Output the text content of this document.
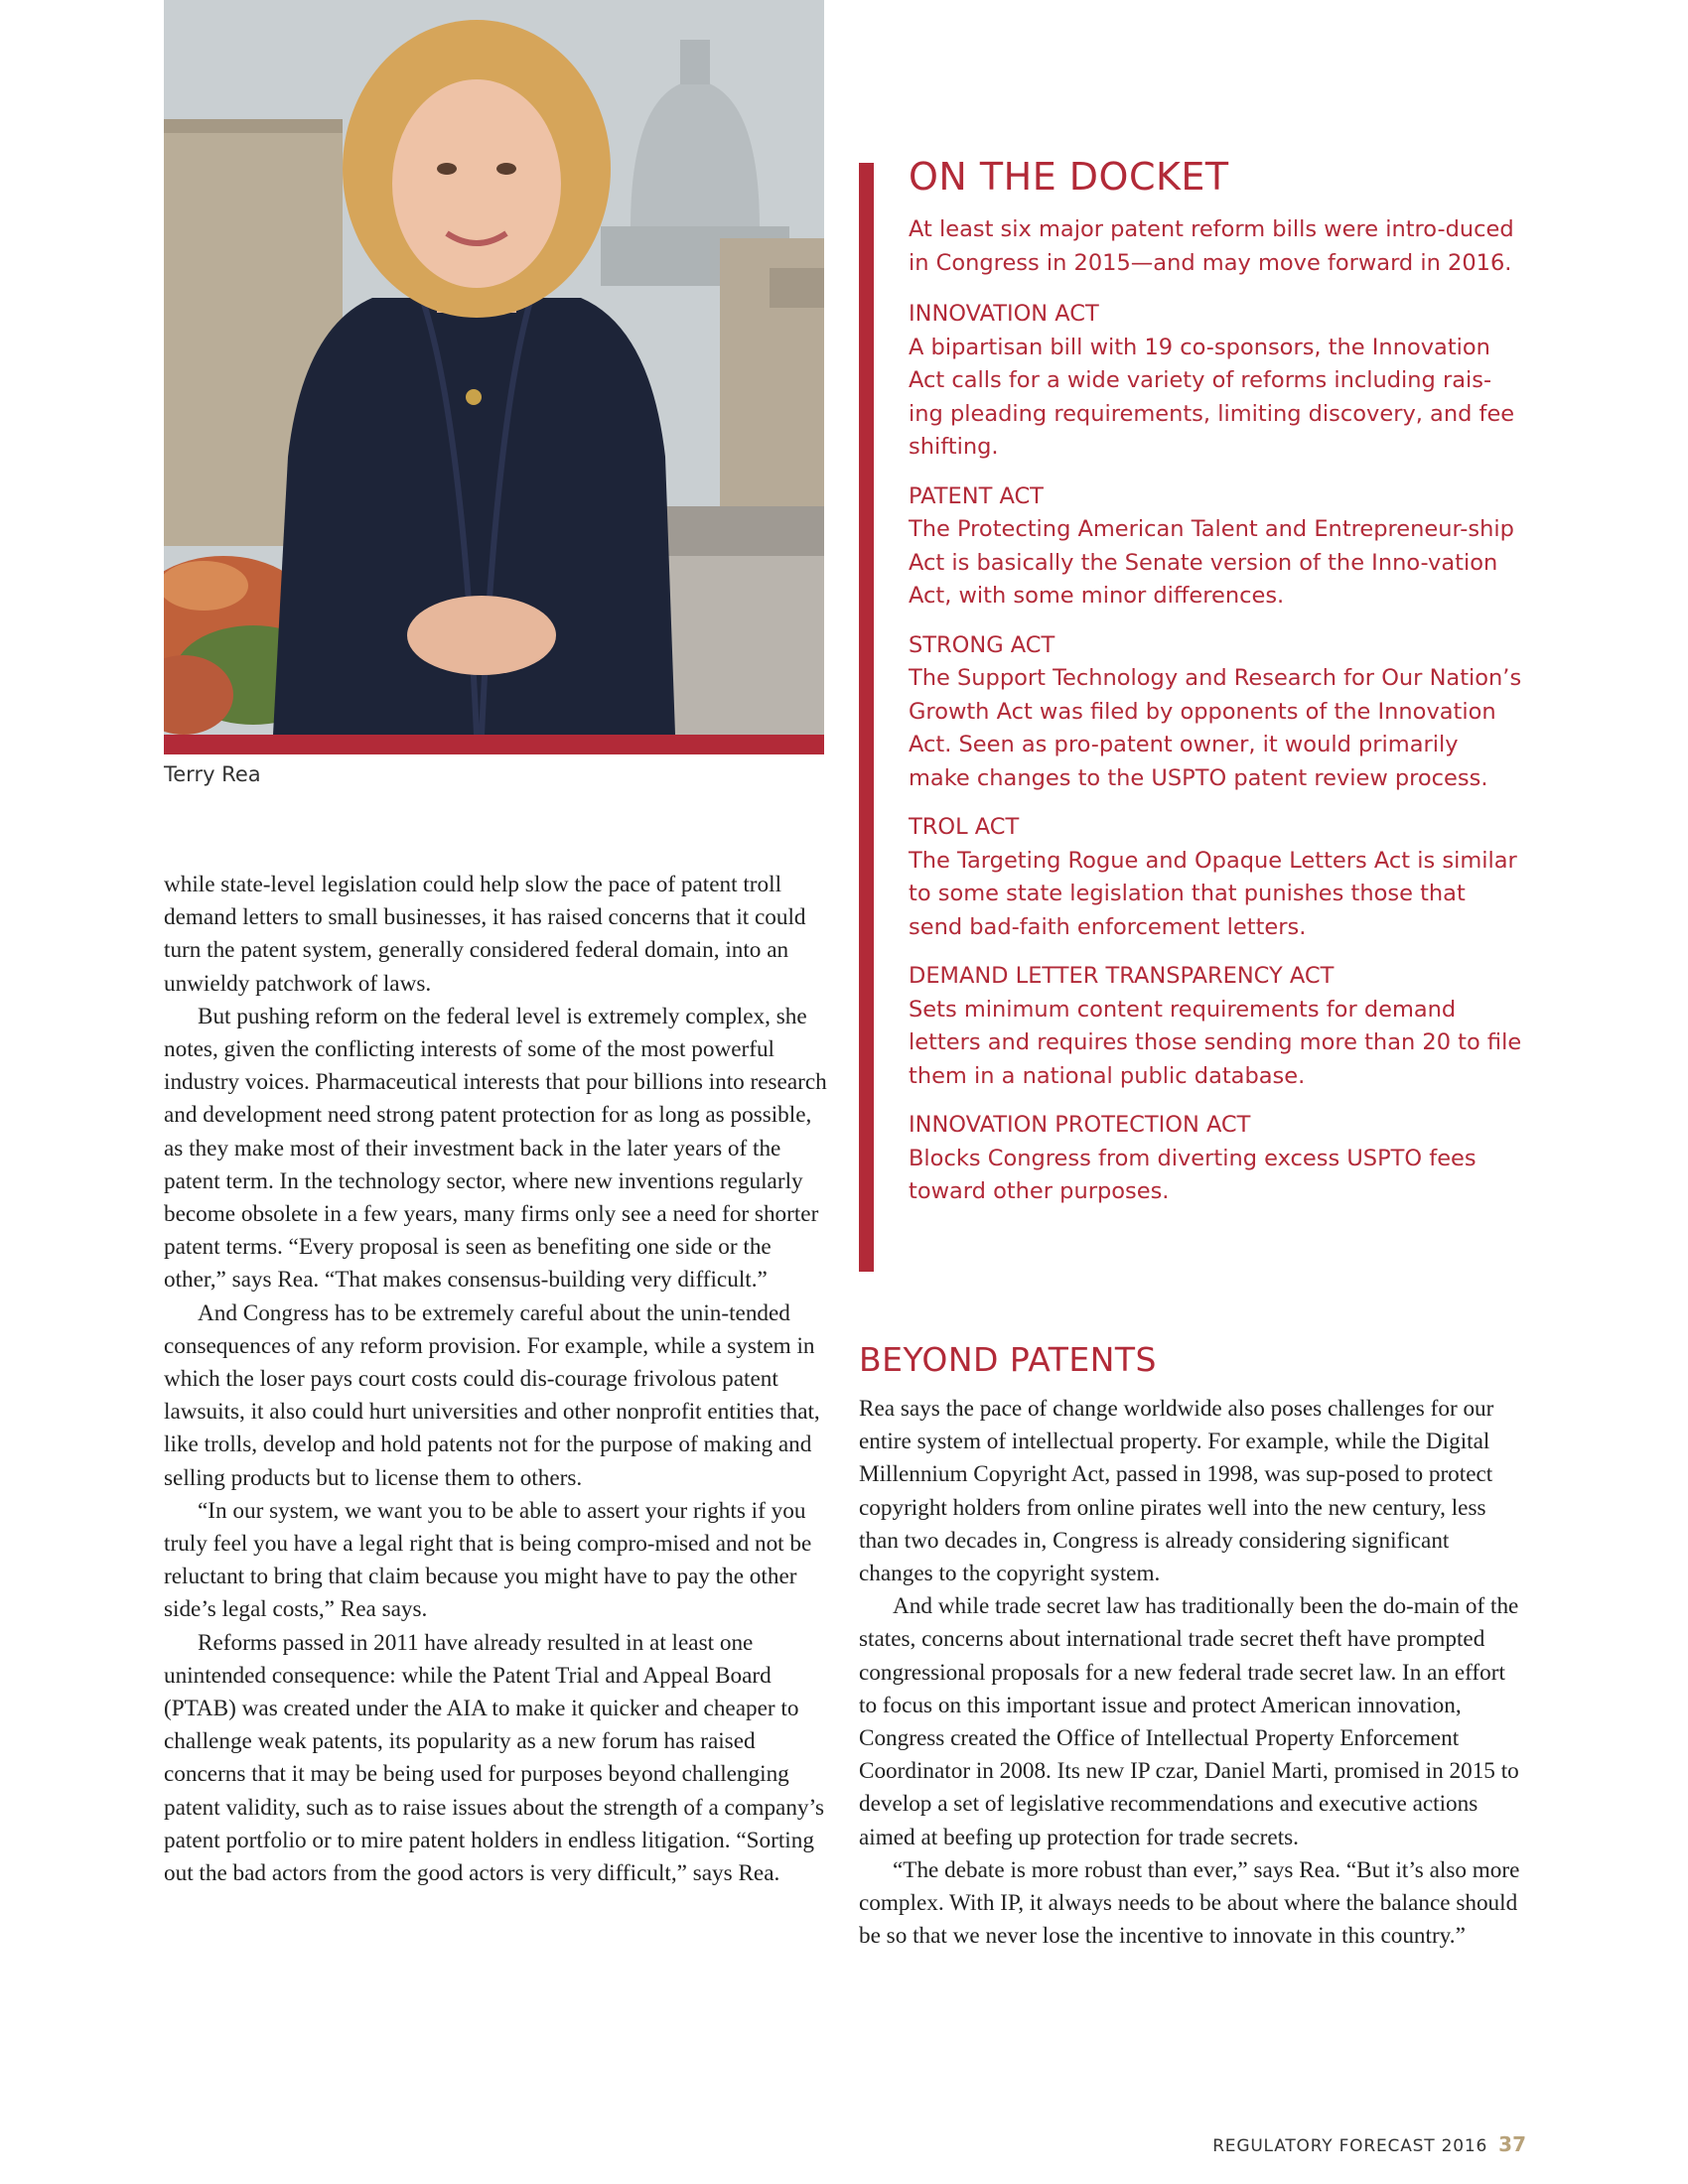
Terry Rea
ON THE DOCKET

At least six major patent reform bills were intro-duced in Congress in 2015—and may move forward in 2016.

INNOVATION ACT
A bipartisan bill with 19 co-sponsors, the Innovation Act calls for a wide variety of reforms including rais-ing pleading requirements, limiting discovery, and fee shifting.
PATENT ACT
The Protecting American Talent and Entrepreneur-ship Act is basically the Senate version of the Inno-vation Act, with some minor differences.
STRONG ACT
The Support Technology and Research for Our Nation’s Growth Act was filed by opponents of the Innovation Act. Seen as pro-patent owner, it would primarily make changes to the USPTO patent review process.
TROL ACT
The Targeting Rogue and Opaque Letters Act is similar to some state legislation that punishes those that send bad-faith enforcement letters.
DEMAND LETTER TRANSPARENCY ACT
Sets minimum content requirements for demand letters and requires those sending more than 20 to file them in a national public database.
INNOVATION PROTECTION ACT
Blocks Congress from diverting excess USPTO fees toward other purposes.

while state-level legislation could help slow the pace of patent troll demand letters to small businesses, it has raised concerns that it could turn the patent system, generally considered federal domain, into an unwieldy patchwork of laws.

But pushing reform on the federal level is extremely complex, she notes, given the conflicting interests of some of the most powerful industry voices. Pharmaceutical interests that pour billions into research and development need strong patent protection for as long as possible, as they make most of their investment back in the later years of the patent term. In the technology sector, where new inventions regularly become obsolete in a few years, many firms only see a need for shorter patent terms. “Every proposal is seen as benefiting one side or the other,” says Rea. “That makes consensus-building very difficult.”

And Congress has to be extremely careful about the unin-tended consequences of any reform provision. For example, while a system in which the loser pays court costs could dis-courage frivolous patent lawsuits, it also could hurt universities and other nonprofit entities that, like trolls, develop and hold patents not for the purpose of making and selling products but to license them to others.

“In our system, we want you to be able to assert your rights if you truly feel you have a legal right that is being compro-mised and not be reluctant to bring that claim because you might have to pay the other side’s legal costs,” Rea says.

Reforms passed in 2011 have already resulted in at least one unintended consequence: while the Patent Trial and Appeal Board (PTAB) was created under the AIA to make it quicker and cheaper to challenge weak patents, its popularity as a new forum has raised concerns that it may be being used for purposes beyond challenging patent validity, such as to raise issues about the strength of a company’s patent portfolio or to mire patent holders in endless litigation. “Sorting out the bad actors from the good actors is very difficult,” says Rea.

BEYOND PATENTS

Rea says the pace of change worldwide also poses challenges for our entire system of intellectual property. For example, while the Digital Millennium Copyright Act, passed in 1998, was sup-posed to protect copyright holders from online pirates well into the new century, less than two decades in, Congress is already considering significant changes to the copyright system.

And while trade secret law has traditionally been the do-main of the states, concerns about international trade secret theft have prompted congressional proposals for a new federal trade secret law. In an effort to focus on this important issue and protect American innovation, Congress created the Office of Intellectual Property Enforcement Coordinator in 2008. Its new IP czar, Daniel Marti, promised in 2015 to develop a set of legislative recommendations and executive actions aimed at beefing up protection for trade secrets.

“The debate is more robust than ever,” says Rea. “But it’s also more complex. With IP, it always needs to be about where the balance should be so that we never lose the incentive to innovate in this country.”

REGULATORY FORECAST 2016 37
